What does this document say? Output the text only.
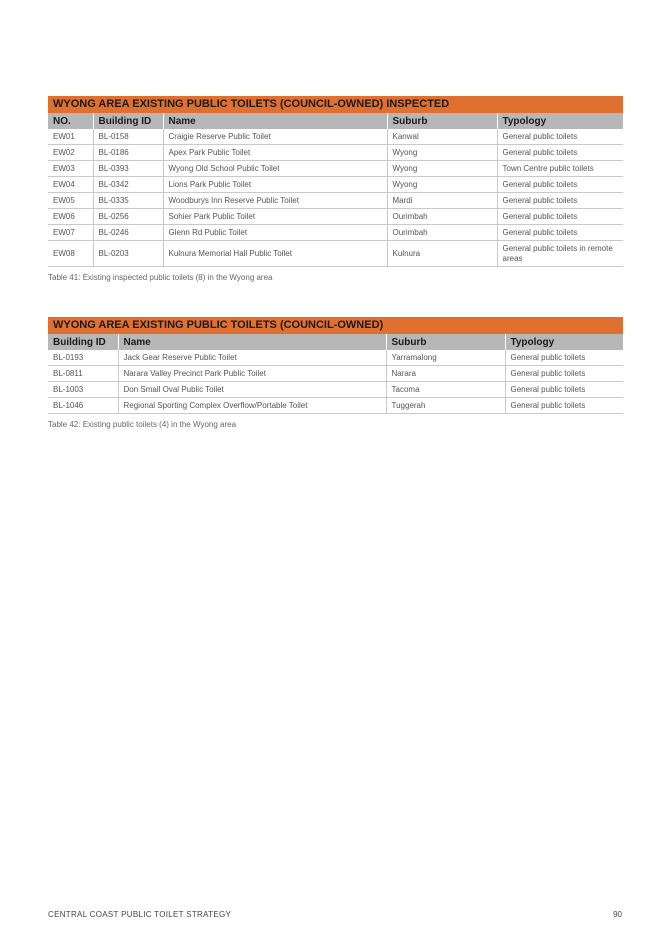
WYONG AREA EXISTING PUBLIC TOILETS (COUNCIL-OWNED) INSPECTED
NO.	Building ID	Name	Suburb	Typology
EW01	BL-0158	Craigie Reserve Public Toilet	Kanwal	General public toilets
EW02	BL-0186	Apex Park Public Toilet	Wyong	General public toilets
EW03	BL-0393	Wyong Old School Public Toilet	Wyong	Town Centre public toilets
EW04	BL-0342	Lions Park Public Toilet	Wyong	General public toilets
EW05	BL-0335	Woodburys Inn Reserve Public Toilet	Mardi	General public toilets
EW06	BL-0256	Sohier Park Public Toilet	Ourimbah	General public toilets
EW07	BL-0246	Glenn Rd Public Toilet	Ourimbah	General public toilets
EW08	BL-0203	Kulnura Memorial Hall Public Toilet	Kulnura	General public toilets in remote areas
Table 41: Existing inspected public toilets (8) in the Wyong area
WYONG AREA EXISTING PUBLIC TOILETS (COUNCIL-OWNED)
Building ID	Name	Suburb	Typology
BL-0193	Jack Gear Reserve Public Toilet	Yarramalong	General public toilets
BL-0811	Narara Valley Precinct Park Public Toilet	Narara	General public toilets
BL-1003	Don Small Oval Public Toilet	Tacoma	General public toilets
BL-1046	Regional Sporting Complex Overflow/Portable Toilet	Tuggerah	General public toilets
Table 42: Existing public toilets (4) in the Wyong area
CENTRAL COAST PUBLIC TOILET STRATEGY	90
